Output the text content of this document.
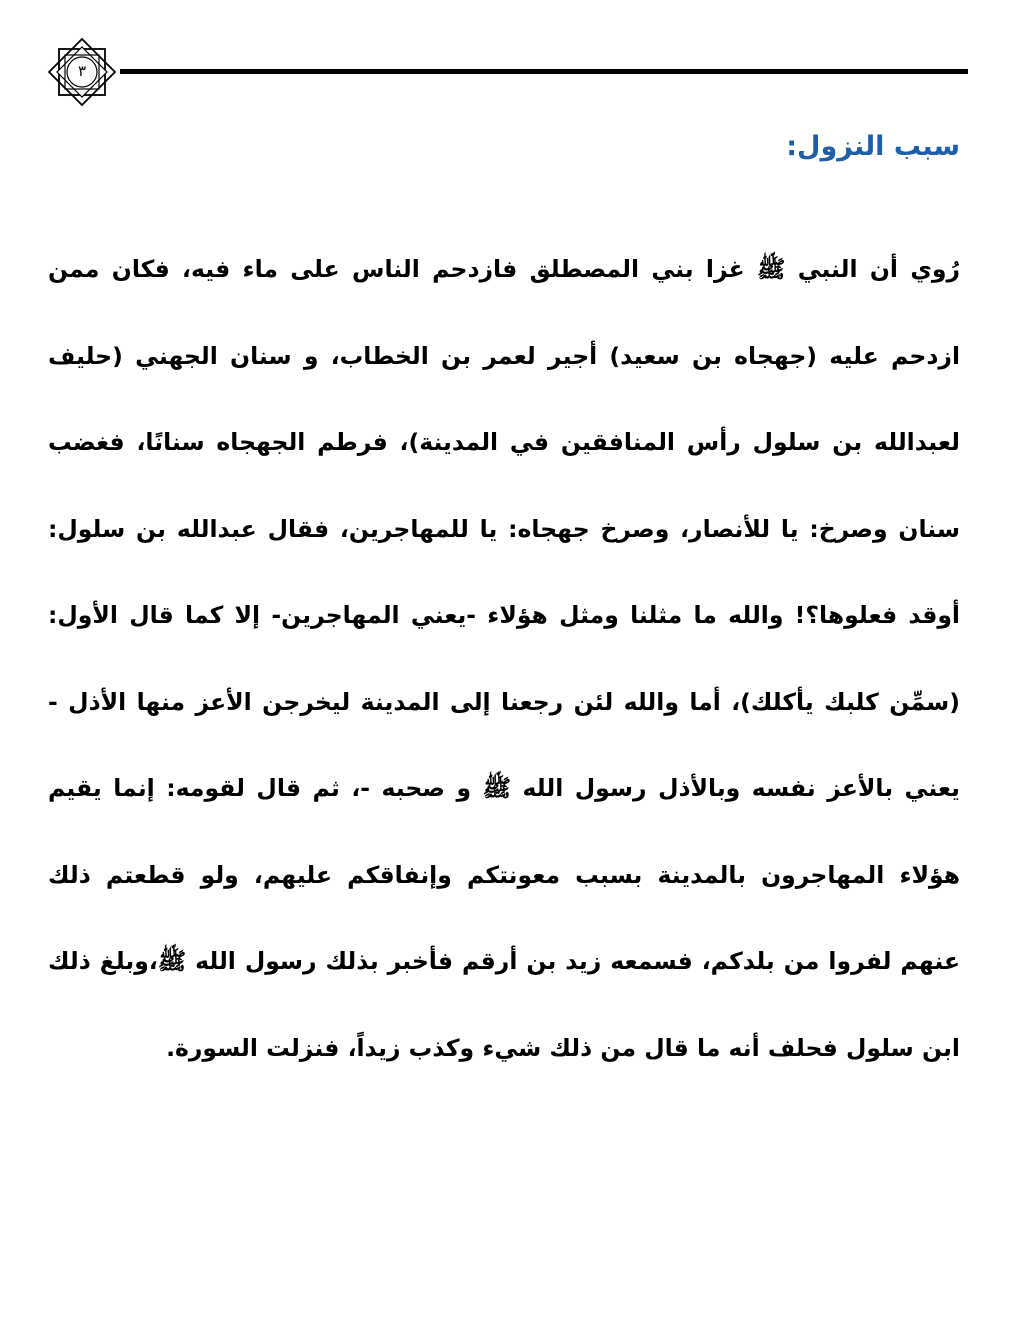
٣
سبب النزول:

رُوي أن النبي ﷺ غزا بني المصطلق فازدحم الناس على ماء فيه، فكان ممن ازدحم عليه (جهجاه بن سعيد) أجير لعمر بن الخطاب، و سنان الجهني (حليف لعبدالله بن سلول رأس المنافقين في المدينة)، فرطم الجهجاه سنانًا، فغضب سنان وصرخ: يا للأنصار، وصرخ جهجاه: يا للمهاجرين، فقال عبدالله بن سلول: أوقد فعلوها؟! والله ما مثلنا ومثل هؤلاء -يعني المهاجرين- إلا كما قال الأول: (سمِّن كلبك يأكلك)، أما والله لئن رجعنا إلى المدينة ليخرجن الأعز منها الأذل - يعني بالأعز نفسه وبالأذل رسول الله ﷺ و صحبه -، ثم قال لقومه: إنما يقيم هؤلاء المهاجرون بالمدينة بسبب معونتكم وإنفاقكم عليهم، ولو قطعتم ذلك عنهم لفروا من بلدكم، فسمعه زيد بن أرقم فأخبر بذلك رسول الله ﷺ،وبلغ ذلك ابن سلول فحلف أنه ما قال من ذلك شيء وكذب زيداً، فنزلت السورة.
